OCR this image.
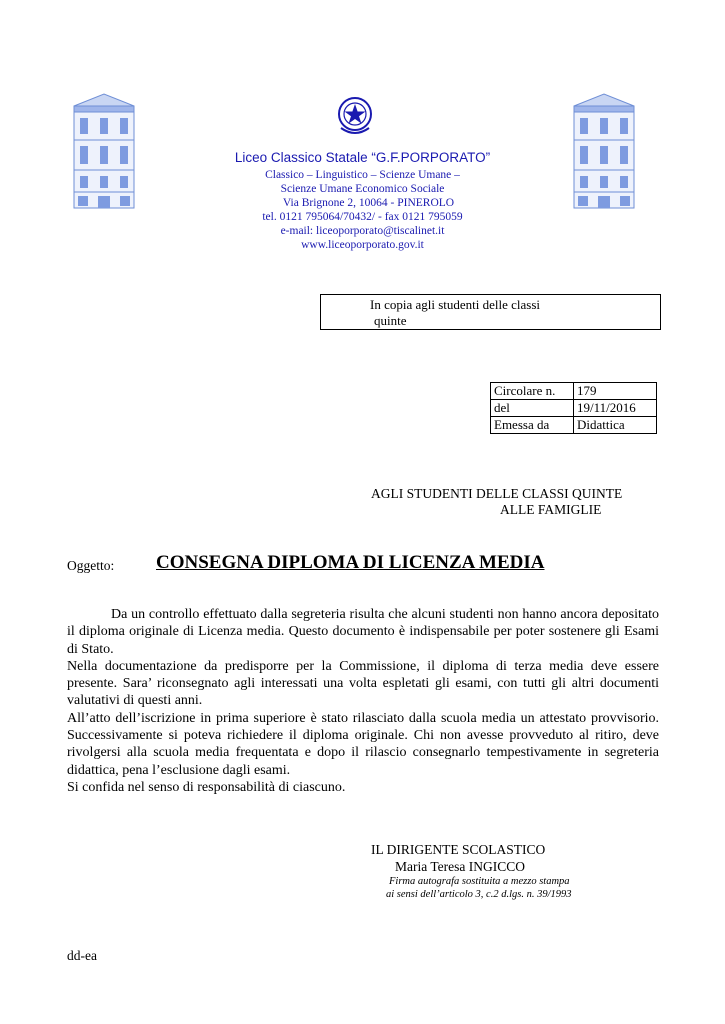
Liceo Classico Statale “G.F.PORPORATO”
Classico – Linguistico – Scienze Umane –
Scienze Umane Economico Sociale
Via Brignone 2, 10064 - PINEROLO
tel. 0121 795064/70432/ - fax 0121 795059
e-mail: liceoporporato@tiscalinet.it
www.liceoporporato.gov.it
In copia agli studenti delle classi
quinte
Circolare n.	179
del	19/11/2016
Emessa da	Didattica
AGLI STUDENTI DELLE CLASSI QUINTE
ALLE FAMIGLIE
Oggetto: CONSEGNA DIPLOMA DI LICENZA MEDIA

Da un controllo effettuato dalla segreteria risulta che alcuni studenti non hanno ancora depositato il diploma originale di Licenza media. Questo documento è indispensabile per poter sostenere gli Esami di Stato.

Nella documentazione da predisporre per la Commissione, il diploma di terza media deve essere presente. Sara’ riconsegnato agli interessati una volta espletati gli esami, con tutti gli altri documenti valutativi di questi anni.

All’atto dell’iscrizione in prima superiore è stato rilasciato dalla scuola media un attestato provvisorio. Successivamente si poteva richiedere il diploma originale. Chi non avesse provveduto al ritiro, deve rivolgersi alla scuola media frequentata e dopo il rilascio consegnarlo tempestivamente in segreteria didattica, pena l’esclusione dagli esami.

Si confida nel senso di responsabilità di ciascuno.

IL DIRIGENTE SCOLASTICO
Maria Teresa INGICCO
Firma autografa sostituita a mezzo stampa
ai sensi dell’articolo 3, c.2 d.lgs. n. 39/1993
dd-ea
